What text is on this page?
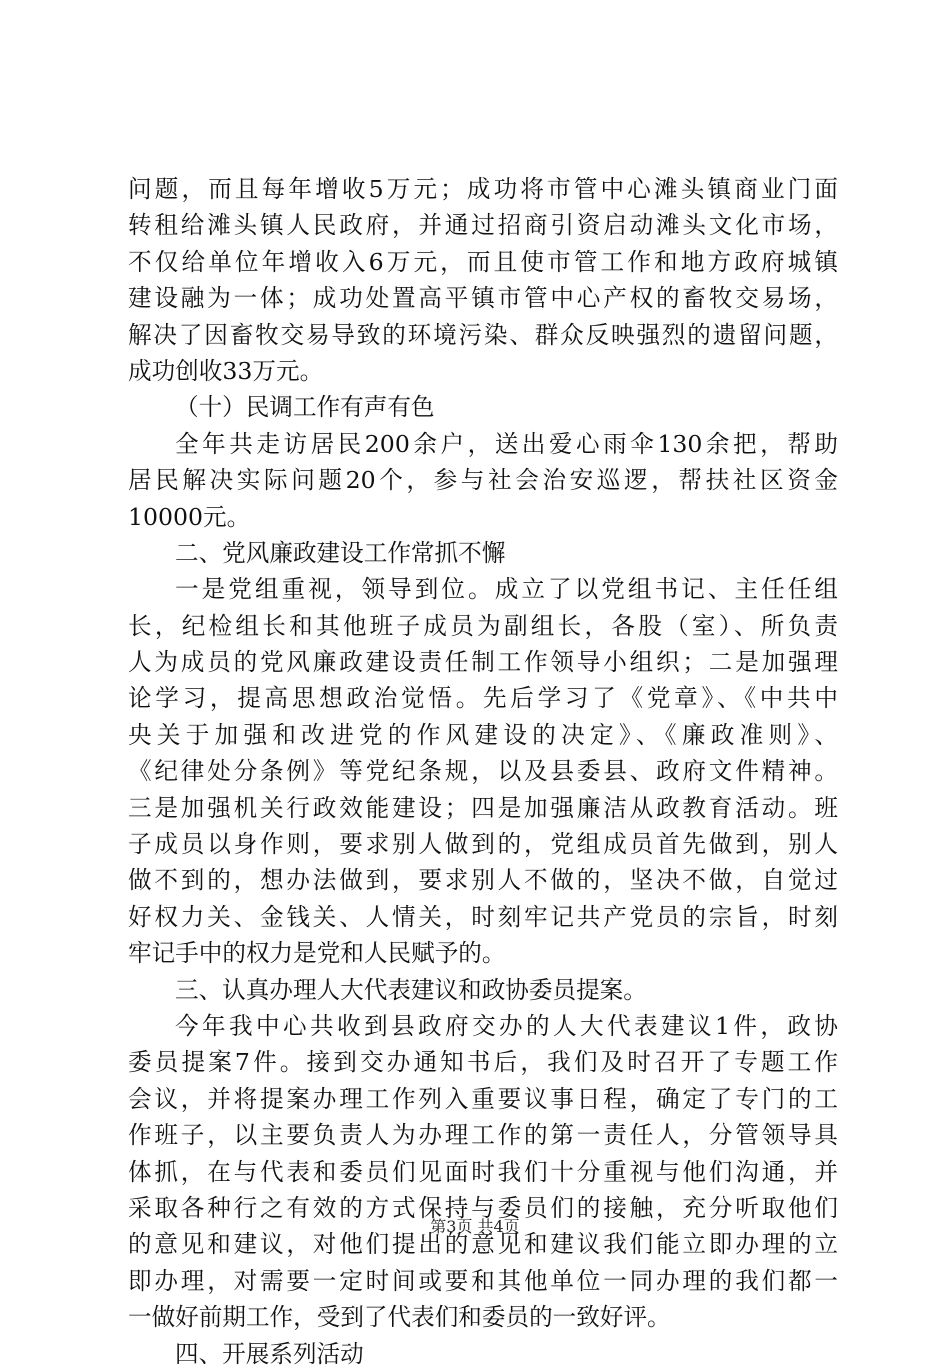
问题，而且每年增收5万元；成功将市管中心滩头镇商业门面
转租给滩头镇人民政府，并通过招商引资启动滩头文化市场，
不仅给单位年增收入6万元，而且使市管工作和地方政府城镇
建设融为一体；成功处置高平镇市管中心产权的畜牧交易场，
解决了因畜牧交易导致的环境污染、群众反映强烈的遗留问题，
成功创收33万元。
（十）民调工作有声有色
全年共走访居民200余户，送出爱心雨伞130余把，帮助
居民解决实际问题20个，参与社会治安巡逻，帮扶社区资金
10000元。
二、党风廉政建设工作常抓不懈
一是党组重视，领导到位。成立了以党组书记、主任任组
长，纪检组长和其他班子成员为副组长，各股（室）、所负责
人为成员的党风廉政建设责任制工作领导小组织；二是加强理
论学习，提高思想政治觉悟。先后学习了《党章》、《中共中
央关于加强和改进党的作风建设的决定》、《廉政准则》、
《纪律处分条例》等党纪条规，以及县委县、政府文件精神。
三是加强机关行政效能建设；四是加强廉洁从政教育活动。班
子成员以身作则，要求别人做到的，党组成员首先做到，别人
做不到的，想办法做到，要求别人不做的，坚决不做，自觉过
好权力关、金钱关、人情关，时刻牢记共产党员的宗旨，时刻
牢记手中的权力是党和人民赋予的。
三、认真办理人大代表建议和政协委员提案。
今年我中心共收到县政府交办的人大代表建议1件，政协
委员提案7件。接到交办通知书后，我们及时召开了专题工作
会议，并将提案办理工作列入重要议事日程，确定了专门的工
作班子，以主要负责人为办理工作的第一责任人，分管领导具
体抓，在与代表和委员们见面时我们十分重视与他们沟通，并
采取各种行之有效的方式保持与委员们的接触，充分听取他们
的意见和建议，对他们提出的意见和建议我们能立即办理的立
即办理，对需要一定时间或要和其他单位一同办理的我们都一
一做好前期工作，受到了代表们和委员的一致好评。
四、开展系列活动
第3页 共4页
